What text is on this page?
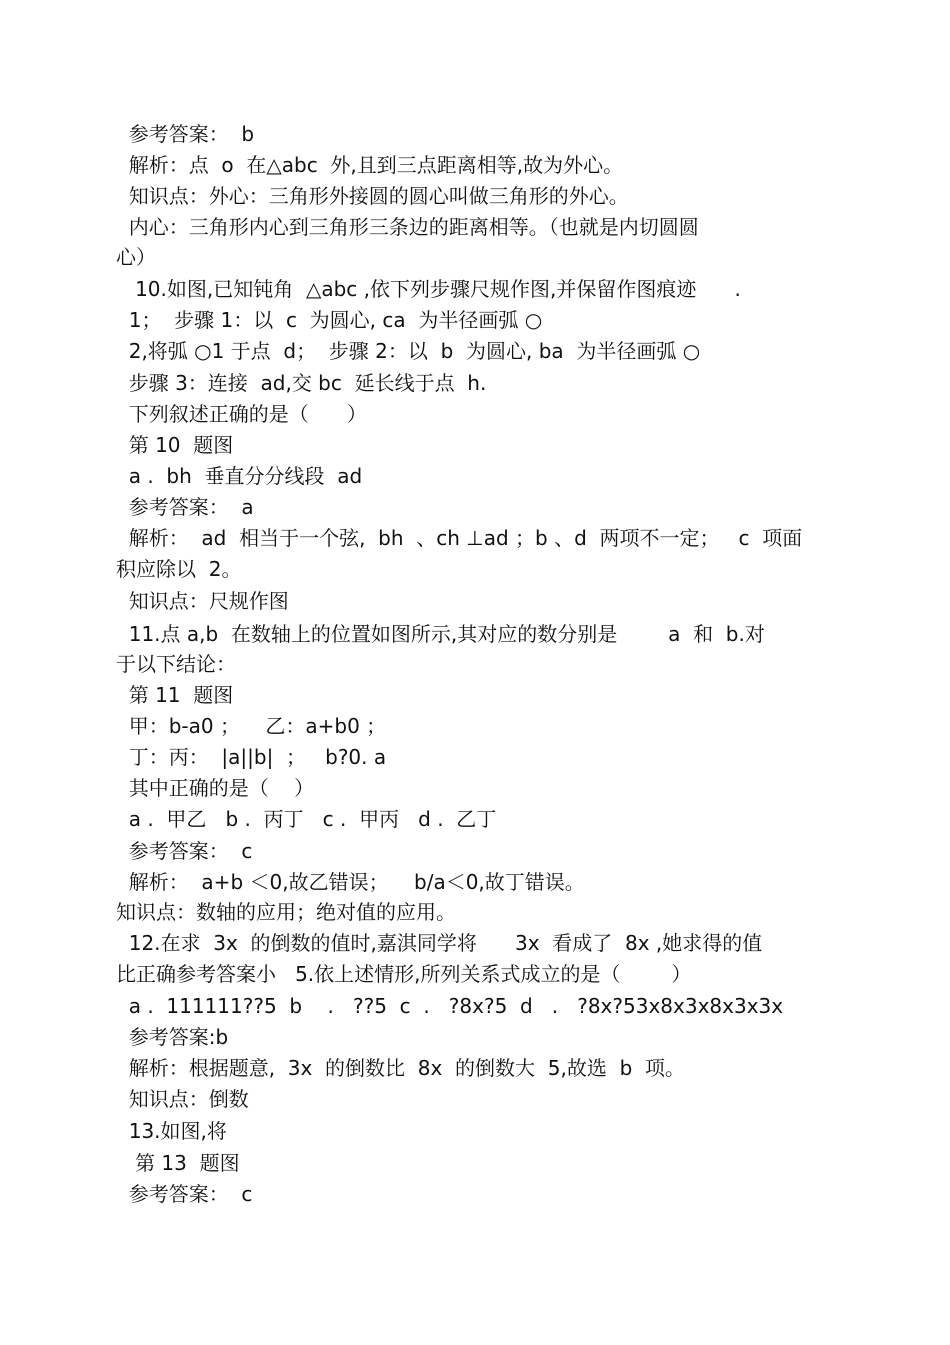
参考答案：  b
解析：点  o  在△abc  外,且到三点距离相等,故为外心。
知识点：外心：三角形外接圆的圆心叫做三角形的外心。
内心：三角形内心到三角形三条边的距离相等。（也就是内切圆圆
心）
10.如图,已知钝角  △abc ,依下列步骤尺规作图,并保留作图痕迹      .
1；  步骤 1：以  c  为圆心, ca  为半径画弧 ○
2,将弧 ○1 于点  d；  步骤 2：以  b  为圆心, ba  为半径画弧 ○
步骤 3：连接  ad,交 bc  延长线于点  h.
下列叙述正确的是（      ）
第 10  题图
a .  bh  垂直分分线段  ad
参考答案：  a
解析：  ad  相当于一个弦,  bh  、ch ⊥ad ；b 、d  两项不一定；   c  项面
积应除以  2。
知识点：尺规作图
11.点 a,b  在数轴上的位置如图所示,其对应的数分别是        a  和  b.对
于以下结论：
第 11  题图
甲：b-a0 ；    乙：a+b0 ；
丁：丙：  |a||b|  ；   b?0. a
其中正确的是（    ）
a .  甲乙   b .  丙丁   c .  甲丙   d .  乙丁
参考答案：  c
解析：  a+b ＜0,故乙错误；    b/a＜0,故丁错误。
知识点：数轴的应用；绝对值的应用。
12.在求  3x  的倒数的值时,嘉淇同学将      3x  看成了  8x ,她求得的值
比正确参考答案小   5.依上述情形,所列关系式成立的是（        ）
a .  111111??5  b    .   ??5  c  .   ?8x?5  d   .   ?8x?53x8x3x8x3x3x
参考答案:b
解析：根据题意,  3x  的倒数比  8x  的倒数大  5,故选  b  项。
知识点：倒数
13.如图,将
第 13  题图
参考答案：  c
